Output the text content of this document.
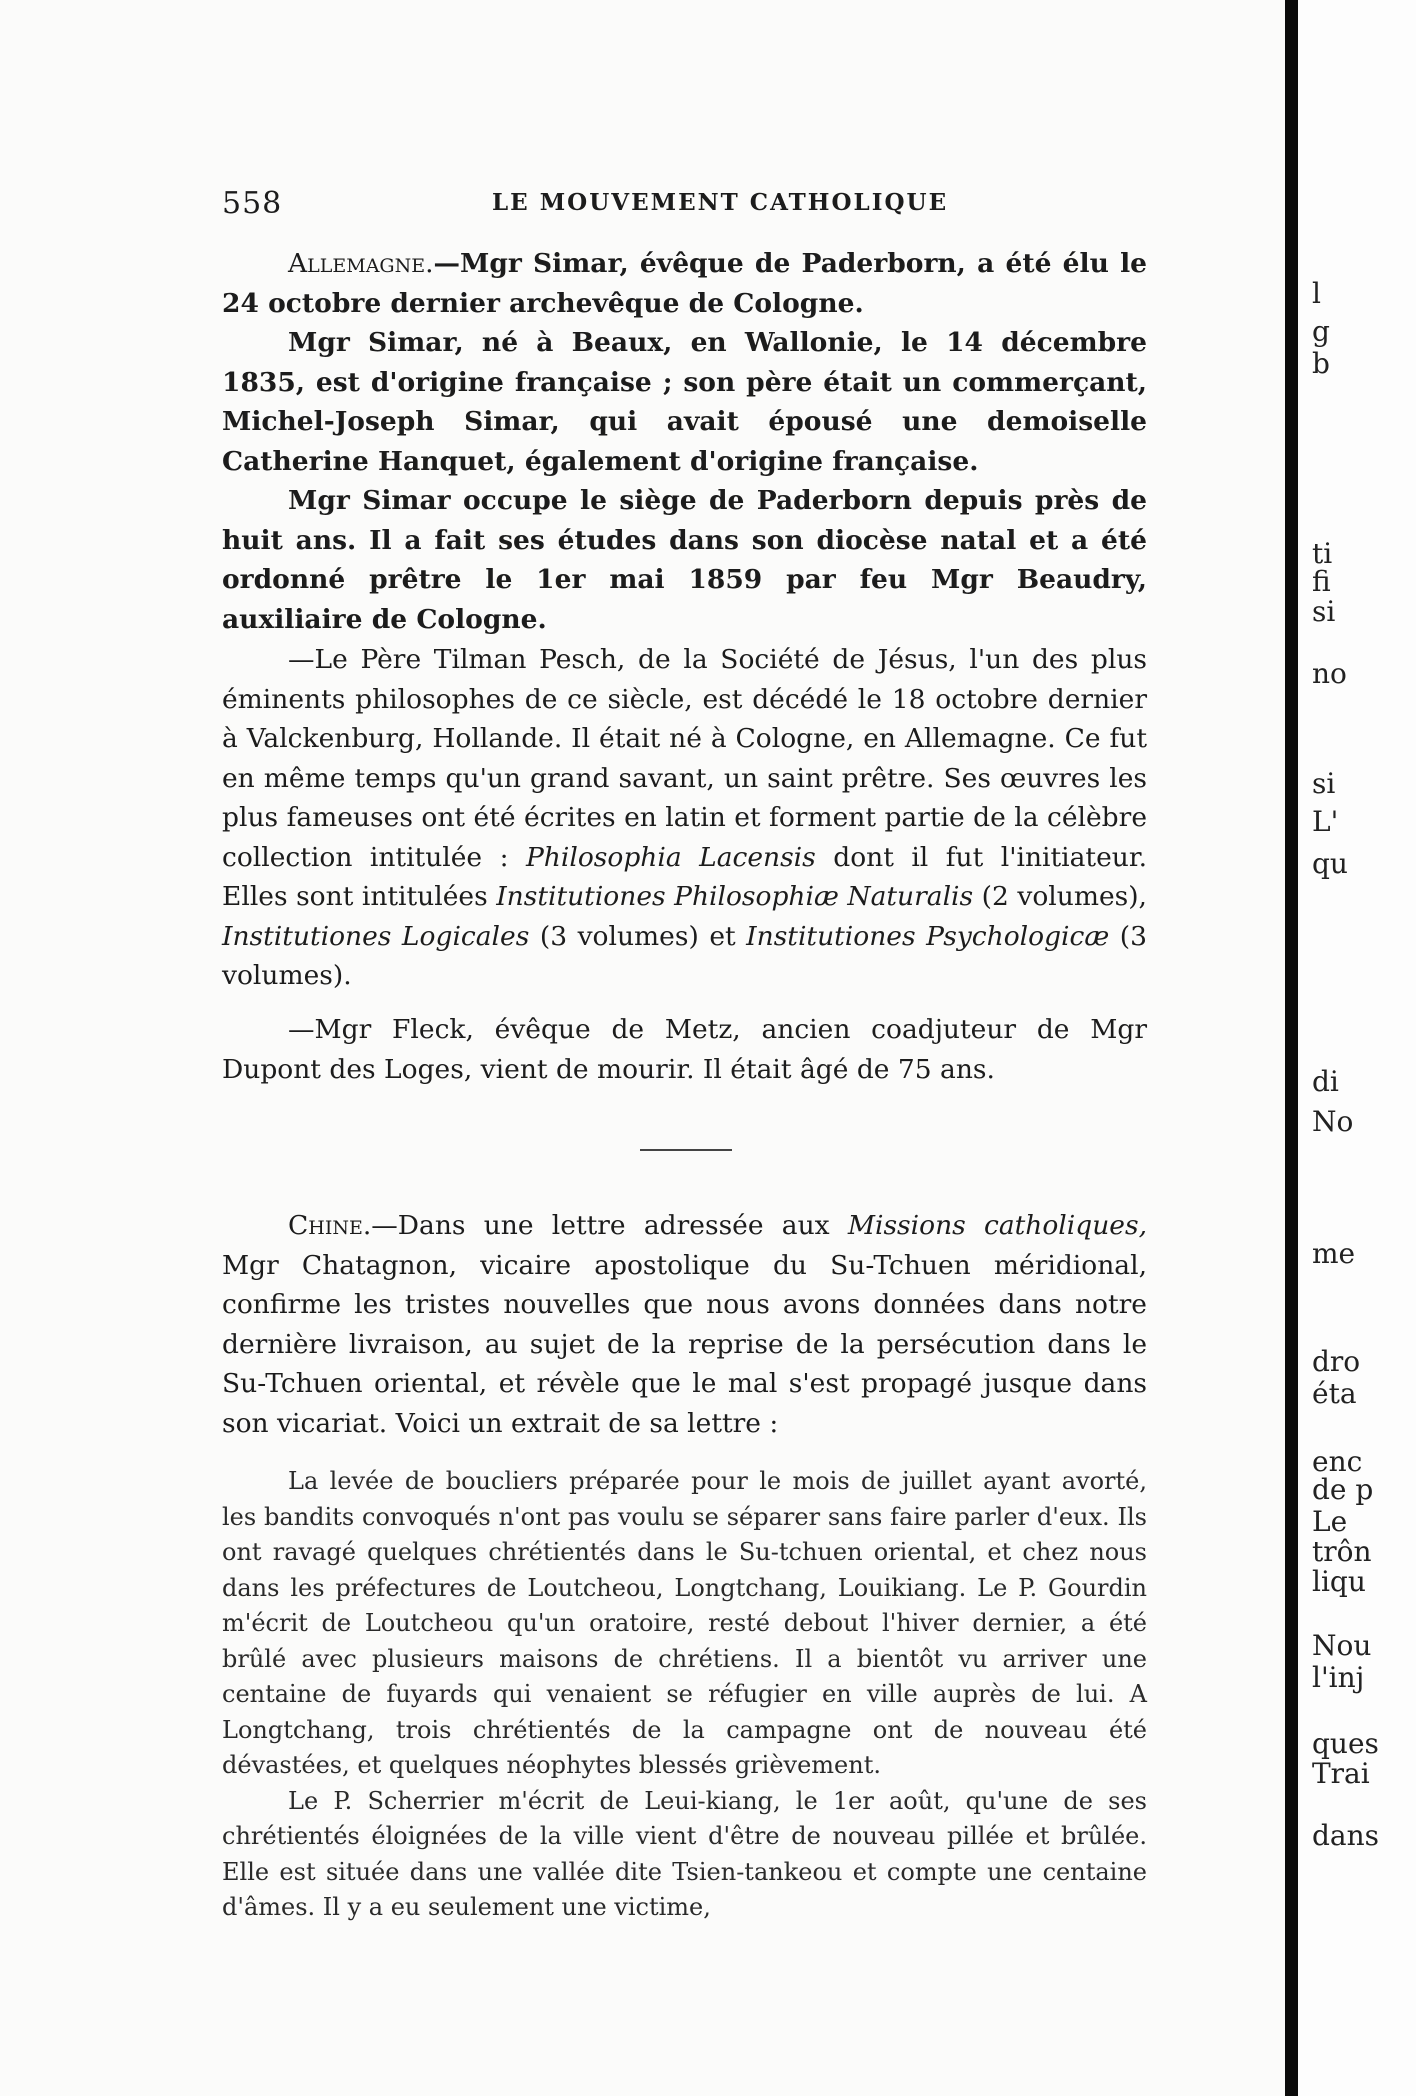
558	LE MOUVEMENT CATHOLIQUE

Allemagne.—Mgr Simar, évêque de Paderborn, a été élu le 24 octobre dernier archevêque de Cologne.

Mgr Simar, né à Beaux, en Wallonie, le 14 décembre 1835, est d'origine française ; son père était un commerçant, Michel-Joseph Simar, qui avait épousé une demoiselle Catherine Hanquet, également d'origine française.

Mgr Simar occupe le siège de Paderborn depuis près de huit ans. Il a fait ses études dans son diocèse natal et a été ordonné prêtre le 1er mai 1859 par feu Mgr Beaudry, auxiliaire de Cologne.

—Le Père Tilman Pesch, de la Société de Jésus, l'un des plus éminents philosophes de ce siècle, est décédé le 18 octobre dernier à Valckenburg, Hollande. Il était né à Cologne, en Allemagne. Ce fut en même temps qu'un grand savant, un saint prêtre. Ses œuvres les plus fameuses ont été écrites en latin et forment partie de la célèbre collection intitulée : Philosophia Lacensis dont il fut l'initiateur. Elles sont intitulées Institutiones Philosophiæ Naturalis (2 volumes), Institutiones Logicales (3 volumes) et Institutiones Psychologicæ (3 volumes).

—Mgr Fleck, évêque de Metz, ancien coadjuteur de Mgr Dupont des Loges, vient de mourir. Il était âgé de 75 ans.

Chine.—Dans une lettre adressée aux Missions catholiques, Mgr Chatagnon, vicaire apostolique du Su-Tchuen méridional, confirme les tristes nouvelles que nous avons données dans notre dernière livraison, au sujet de la reprise de la persécution dans le Su-Tchuen oriental, et révèle que le mal s'est propagé jusque dans son vicariat. Voici un extrait de sa lettre :

La levée de boucliers préparée pour le mois de juillet ayant avorté, les bandits convoqués n'ont pas voulu se séparer sans faire parler d'eux. Ils ont ravagé quelques chrétientés dans le Su-tchuen oriental, et chez nous dans les préfectures de Loutcheou, Longtchang, Louikiang. Le P. Gourdin m'écrit de Loutcheou qu'un oratoire, resté debout l'hiver dernier, a été brûlé avec plusieurs maisons de chrétiens. Il a bientôt vu arriver une centaine de fuyards qui venaient se réfugier en ville auprès de lui. A Longtchang, trois chrétientés de la campagne ont de nouveau été dévastées, et quelques néophytes blessés grièvement.

Le P. Scherrier m'écrit de Leui-kiang, le 1er août, qu'une de ses chrétientés éloignées de la ville vient d'être de nouveau pillée et brûlée. Elle est située dans une vallée dite Tsien-tankeou et compte une centaine d'âmes. Il y a eu seulement une victime,

l
g
b
ti
fi
si
no
si
L'
qu
di
No
me
dro
éta
enc
de p
Le
trôn
liqu
Nou
l'inj
ques
Trai
dans
